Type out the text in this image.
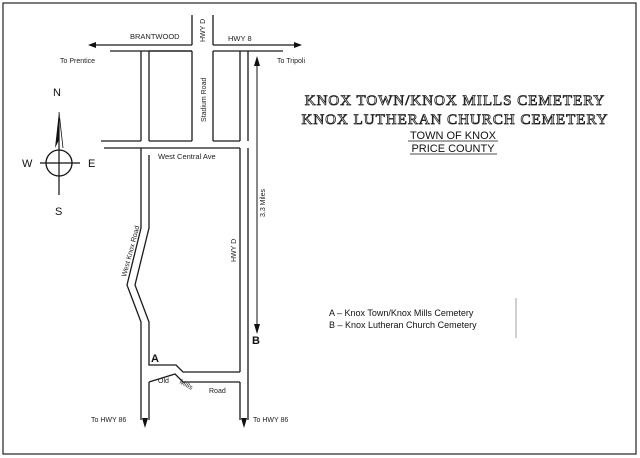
KNOX TOWN/KNOX MILLS CEMETERY
KNOX LUTHERAN CHURCH CEMETERY
TOWN OF KNOX
PRICE COUNTY
N
S
W	E
BRANTWOOD	HWY 8
To Prentice	To Tripoli
HWY D
Stadium Road
West Central Ave
West Knox Road	HWY D
3.3 Miles
Old Mills Road
To HWY 86	To HWY 86
A
B
A – Knox Town/Knox Mills Cemetery
B – Knox Lutheran Church Cemetery
